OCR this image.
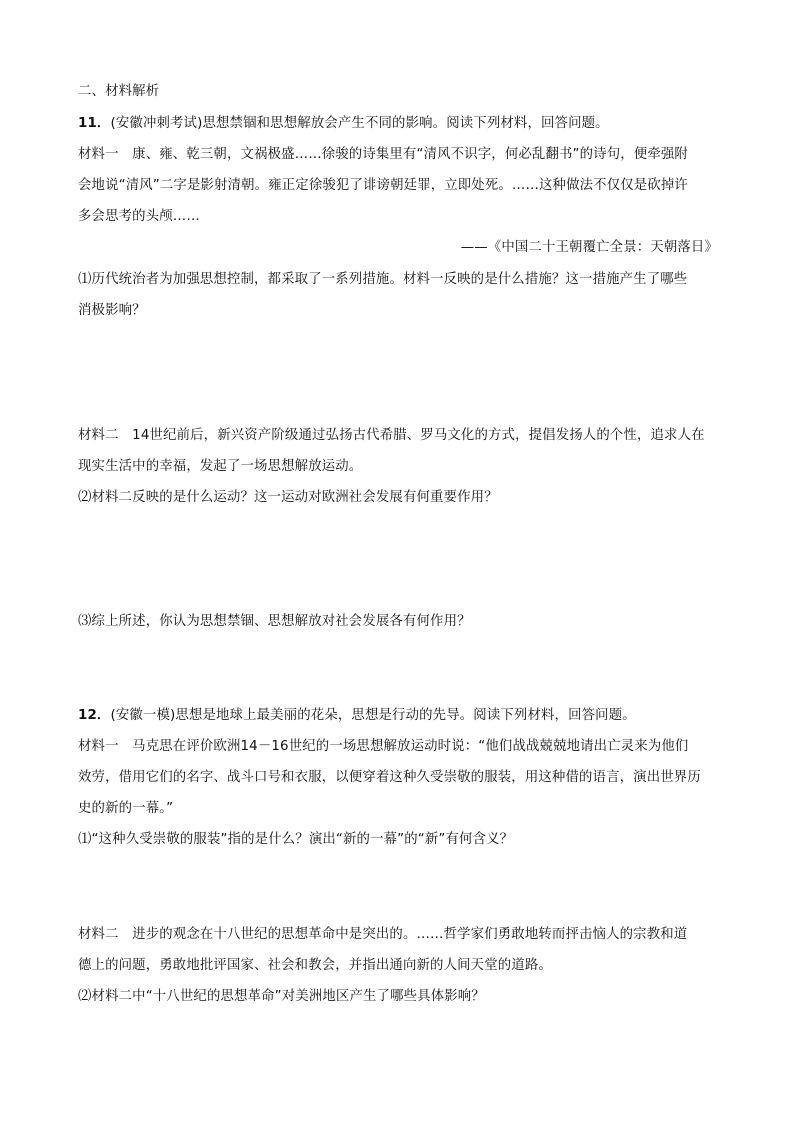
二、材料解析
11．(安徽冲刺考试)思想禁锢和思想解放会产生不同的影响。阅读下列材料，回答问题。
材料一　康、雍、乾三朝，文祸极盛……徐骏的诗集里有“清风不识字，何必乱翻书”的诗句，便牵强附
会地说“清风”二字是影射清朝。雍正定徐骏犯了诽谤朝廷罪，立即处死。……这种做法不仅仅是砍掉许
多会思考的头颅……
——《中国二十王朝覆亡全景：天朝落日》
⑴历代统治者为加强思想控制，都采取了一系列措施。材料一反映的是什么措施？这一措施产生了哪些
消极影响？
材料二　14世纪前后，新兴资产阶级通过弘扬古代希腊、罗马文化的方式，提倡发扬人的个性，追求人在
现实生活中的幸福，发起了一场思想解放运动。
⑵材料二反映的是什么运动？这一运动对欧洲社会发展有何重要作用？
⑶综上所述，你认为思想禁锢、思想解放对社会发展各有何作用？
12．(安徽一模)思想是地球上最美丽的花朵，思想是行动的先导。阅读下列材料，回答问题。
材料一　马克思在评价欧洲14－16世纪的一场思想解放运动时说：“他们战战兢兢地请出亡灵来为他们
效劳，借用它们的名字、战斗口号和衣服，以便穿着这种久受崇敬的服装，用这种借的语言，演出世界历
史的新的一幕。”
⑴“这种久受崇敬的服装”指的是什么？演出“新的一幕”的“新”有何含义？
材料二　进步的观念在十八世纪的思想革命中是突出的。……哲学家们勇敢地转而抨击恼人的宗教和道
德上的问题，勇敢地批评国家、社会和教会，并指出通向新的人间天堂的道路。
⑵材料二中“十八世纪的思想革命”对美洲地区产生了哪些具体影响？
